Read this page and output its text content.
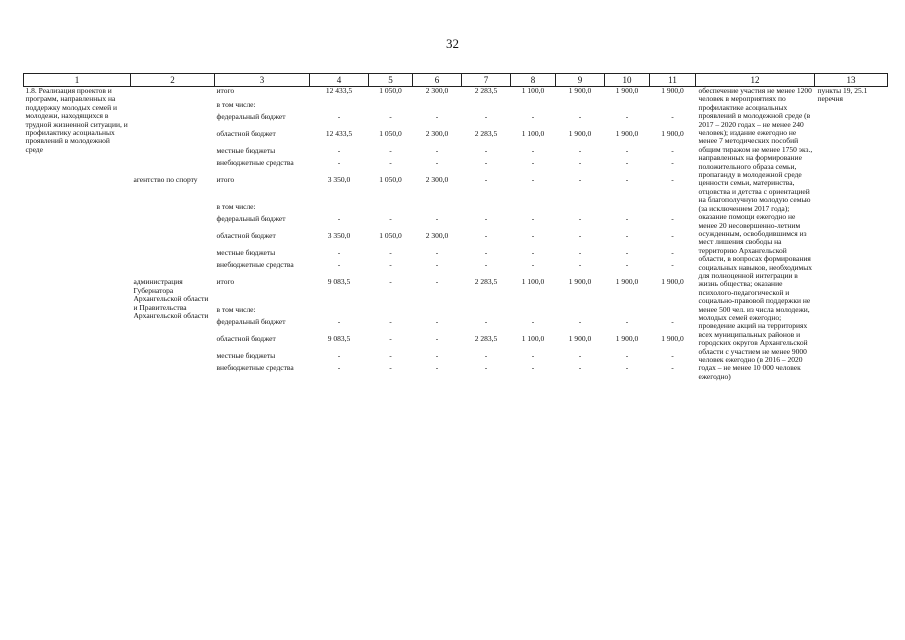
32
1	2	3	4	5	6	7	8	9	10	11	12	13
1.8. Реализация проектов и программ, направленных на поддержку молодых семей и молодежи, находящихся в трудной жизненной ситуации, и профилактику асоциальных проявлений в молодежной среде		итого	12 433,5	1 050,0	2 300,0	2 283,5	1 100,0	1 900,0	1 900,0	1 900,0	обеспечение участия не менее 1200 человек в мероприятиях по профилактике асоциальных проявлений в молодежной среде (в 2017 – 2020 годах – не менее 240 человек); издание ежегодно не менее 7 методических пособий общим тиражом не менее 1750 экз., направленных на формирование положительного образа семьи, пропаганду в молодежной среде ценности семьи, материнства, отцовства и детства с ориентацией на благополучную молодую семью (за исключением 2017 года); оказание помощи ежегодно не менее 20 несовершенно-летним осужденным, освободившимся из мест лишения свободы на территорию Архангельской области, в вопросах формирования социальных навыков, необходимых для полноценной интеграции в жизнь общества; оказание психолого-педагогической и социально-правовой поддержки не менее 500 чел. из числа молодежи, молодых семей ежегодно; проведение акций на территориях всех муниципальных районов и городских округов Архангельской области с участием не менее 9000 человек ежегодно (в 2016 – 2020 годах – не менее 10 000 человек ежегодно)	пункты 19, 25.1 перечня
		в том числе:										
		федеральный бюджет	-	-	-	-	-	-	-	-		
		областной бюджет	12 433,5	1 050,0	2 300,0	2 283,5	1 100,0	1 900,0	1 900,0	1 900,0		
		местные бюджеты	-	-	-	-	-	-	-	-		
		внебюджетные средства	-	-	-	-	-	-	-	-		
	агентство по спорту	итого	3 350,0	1 050,0	2 300,0	-	-	-	-	-		
		в том числе:										
		федеральный бюджет	-	-	-	-	-	-	-	-		
		областной бюджет	3 350,0	1 050,0	2 300,0	-	-	-	-	-		
		местные бюджеты	-	-	-	-	-	-	-	-		
		внебюджетные средства	-	-	-	-	-	-	-	-		
	администрация Губернатора Архангельской области и Правительства Архангельской области	итого	9 083,5	-	-	2 283,5	1 100,0	1 900,0	1 900,0	1 900,0		
		в том числе:										
		федеральный бюджет	-	-	-	-	-	-	-	-		
		областной бюджет	9 083,5	-	-	2 283,5	1 100,0	1 900,0	1 900,0	1 900,0		
		местные бюджеты	-	-	-	-	-	-	-	-		
		внебюджетные средства	-	-	-	-	-	-	-	-		
